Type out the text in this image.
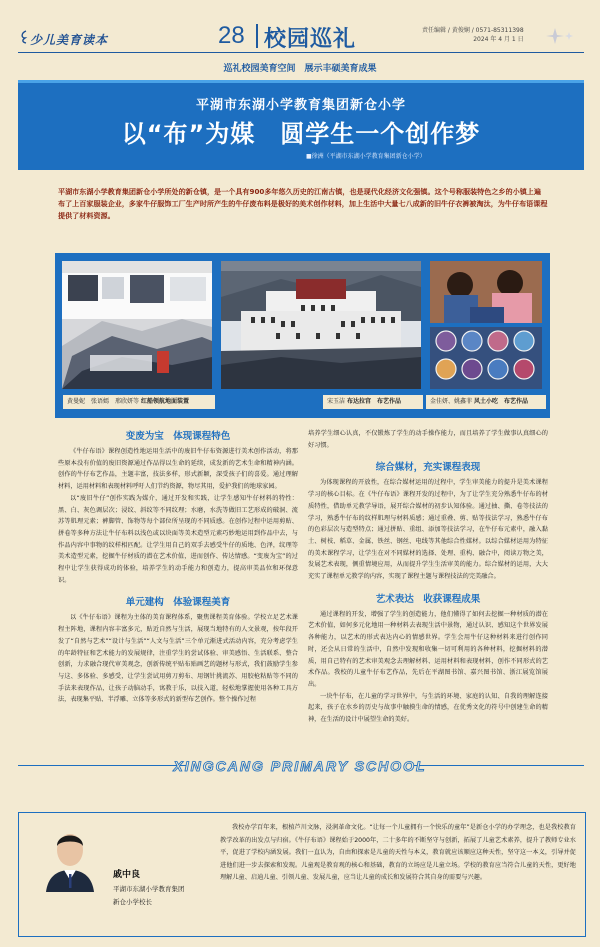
少儿美育读本	28 校园巡礼	责任编辑 / 黄俊娴 / 0571-85311398
2024 年 4 月 1 日
巡礼校园美育空间　展示丰硕美育成果
平湖市东湖小学教育集团新仓小学
以“布”为媒　圆学生一个创作梦
■徐洲（平湖市东湖小学教育集团新仓小学）
平湖市东湖小学教育集团新仓小学所处的新仓镇，是一个具有900多年悠久历史的江南古镇，也是现代化经济文化强镇。这个号称服装特色之乡的小镇上遍布了上百家服装企业，多家牛仔服饰工厂生产时所产生的牛仔废布料是极好的美术创作材料，加上生活中大量七八成新的旧牛仔衣裤被淘汰，为牛仔布语课程提供了材料资源。
黄曼妮　张语嫣　邢欣妍等 红船领航地面装置	宋玉洁 布达拉宫　布艺作品	金佳妍、姚鑫菲 风土小吃　布艺作品
变废为宝　体现课程特色

《牛仔布语》课程创造性地运用生活中的废旧牛仔布资源进行美术创作活动，将那些原本没有价值的废旧资源通过作品得以生命的延续，成发新的艺术生命和精神内涵。创作的牛仔布艺作品，主题丰富，技法多样，形式新颖，深受孩子们的喜爱。通过理解材料，运用材料和表现材料呼吁人们节约资源，物尽其用，爱护我们的地球家园。

以“废旧牛仔”创作实践为媒介，通过开发和实践，让学生感知牛仔材料的特性：黑、白、灰色调层次；浸纹、斜纹等不同纹理；水磨，水洗等做旧工艺形成的破洞、流苏等肌理元素；裤脚管、饰物等每个部位所呈现的不同质感。在创作过程中运用剪贴、拼卷等多种方法让牛仔布料以浅色或以块面等美术造型元素巧妙地运用到作品中去，与作品内容中事物的纹样相匹配。让学生用自己的双手去感受牛仔的质地、色泽，纹理等美术造型元素，挖掘牛仔材质的潜在艺术价值，进而创作、传达情感。“变废为宝”的过程中让学生获得成功的体验，培养学生的动手能力和创造力，提高审美品位和环保意识。

单元建构　体验课程美育

以《牛仔布语》课程为主体的美育课程体系，聚焦课程美育体验。学校立足艺术课程主阵地，课程内容丰富多元，贴近自然与生活，展现当地特有的人文景观，按年段开发了“自然与艺术”“设计与生活”“人文与生活”三个单元渐进式活动内容，充分考虑学生的年龄特征和艺术能力的发展规律，注重学生的尝试体验、审美感悟、生活联系、整合创新，力求融合现代审美观念，创新传统平贴布贴画艺的题材与形式，我们鼓励学生参与这、多体验、多感受，让学生尝试用剪刀剪布、用钢针挑流苏、用胶枪粘贴等不同的手法来表现作品，让孩子动脑动手，寓教于乐，以技入道，轻松地掌握使用各种工具方法，表现集平贴、半浮雕、立体等多形式的新型布艺创作。整个操作过程

培养学生细心认真，不仅锻炼了学生的动手操作能力，而且培养了学生做事认真细心的好习惯。

综合媒材，充实课程表现

为体现课程的开放性，在综合媒材运用的过程中，学生审美能力的提升是美术课程学习的核心目标。在《牛仔布语》课程开发的过程中，为了让学生充分熟悉牛仔布的材质特性，借助单元教学导语，展开综合媒材的初步认知体验。通过抽、撕、卷等技法的学习，熟悉牛仔布的纹样肌理与材料质感；通过重叠、剪、贴等技法学习，熟悉牛仔布的色彩层次与造型特点；通过拼贴、重组、添加等技法学习，在牛仔布元素中，融入黏土、树枝、稻草、金属、铁丝、钢丝、电线等其他综合性媒材。以综合媒材运用为特征的美术课程学习，让学生在对不同媒材的选择、处理、重构、融合中，阅读万物之美，发展艺术表现，侧重情境应用，从而提升学生生活审美的能力。综合媒材的运用，大大充实了课程单元教学的内容，实现了课程主题与课程技法的完美融合。

艺术表达　收获课程成果

通过课程的开发，增强了学生的创造能力，他们懂得了如何去挖掘一种材质的潜在艺术价值，如何多元化地用一种材料去表现生活中景物，通过认识、感知这个世界发展各种能力，以艺术的形式表达内心的情感世界。学生会用牛仔这种材料来进行创作同时，还会从日常的生活中，自然中发现和收集一切可利用的各种材料，挖掘材料的潜质，用自己特有的艺术审美观念去理解材料、运用材料和表现材料，创作不同形式的艺术作品。我校的儿童牛仔布艺作品，先后在平湖图书馆、嘉兴图书馆、浙江展览馆展出。

一块牛仔布，在儿童的学习世界中，与生活的环境、家庭的认知、自我的理解连接起来，孩子在水乡的历史与故事中触摸生命的情感，在优秀文化的符号中创建生命的精神，在生活的设计中展望生命的美好。

XINGCANG PRIMARY SCHOOL
戚中良
平湖市东湖小学教育集团
新仓小学校长
我校办学百年来，根植芦川文脉，浸润革命文化。“让每一个儿童拥有一个快乐的童年”是新仓小学的办学理念，也是我校教育教学改革的出发点与归宿。《牛仔布语》课程始于2000年，二十多年的不断坚守与创新，拓展了儿童艺术素养，提升了教师专业水平，促进了学校内涵发展。我们一直认为，自由和探索是儿童的天性与本义，教育就应该顺应这种天性，坚守这一本义，引导并促进他们进一步去探索和发现。儿童观是教育观的核心和基础，教育的立场应是儿童立场。学校的教育应当符合儿童的天性，更好地理解儿童、启迪儿童、引领儿童、发展儿童，应当让儿童的成长和发展符合其自身的需要与兴趣。
